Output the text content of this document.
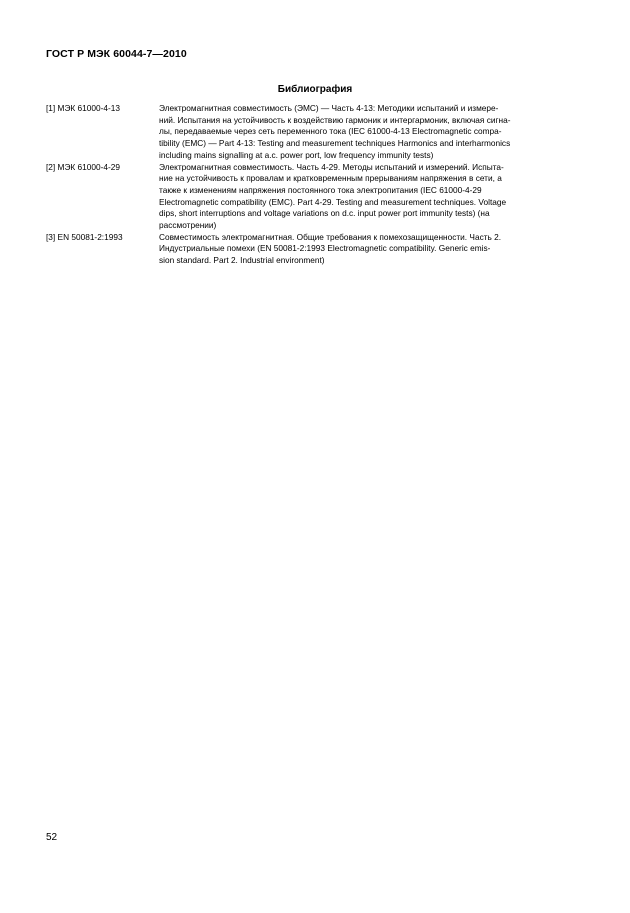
ГОСТ Р МЭК 60044-7—2010
Библиография
[1] МЭК 61000-4-13	Электромагнитная совместимость (ЭМС) — Часть 4-13: Методики испытаний и измере-
ний. Испытания на устойчивость к воздействию гармоник и интергармоник, включая сигна-
лы, передаваемые через сеть переменного тока (IEC 61000-4-13 Electromagnetic compa-
tibility (EMC) — Part 4-13: Testing and measurement techniques Harmonics and interharmonics
including mains signalling at a.c. power port, low frequency immunity tests)
[2] МЭК 61000-4-29	Электромагнитная совместимость. Часть 4-29. Методы испытаний и измерений. Испыта-
ние на устойчивость к провалам и кратковременным прерываниям напряжения в сети, а
также к изменениям напряжения постоянного тока электропитания (IEC 61000-4-29
Electromagnetic compatibility (EMC). Part 4-29. Testing and measurement techniques. Voltage
dips, short interruptions and voltage variations on d.c. input power port immunity tests) (на
рассмотрении)
[3] EN 50081-2:1993	Совместимость электромагнитная. Общие требования к помехозащищенности. Часть 2.
Индустриальные помехи (EN 50081-2:1993 Electromagnetic compatibility. Generic emis-
sion standard. Part 2. Industrial environment)
52
